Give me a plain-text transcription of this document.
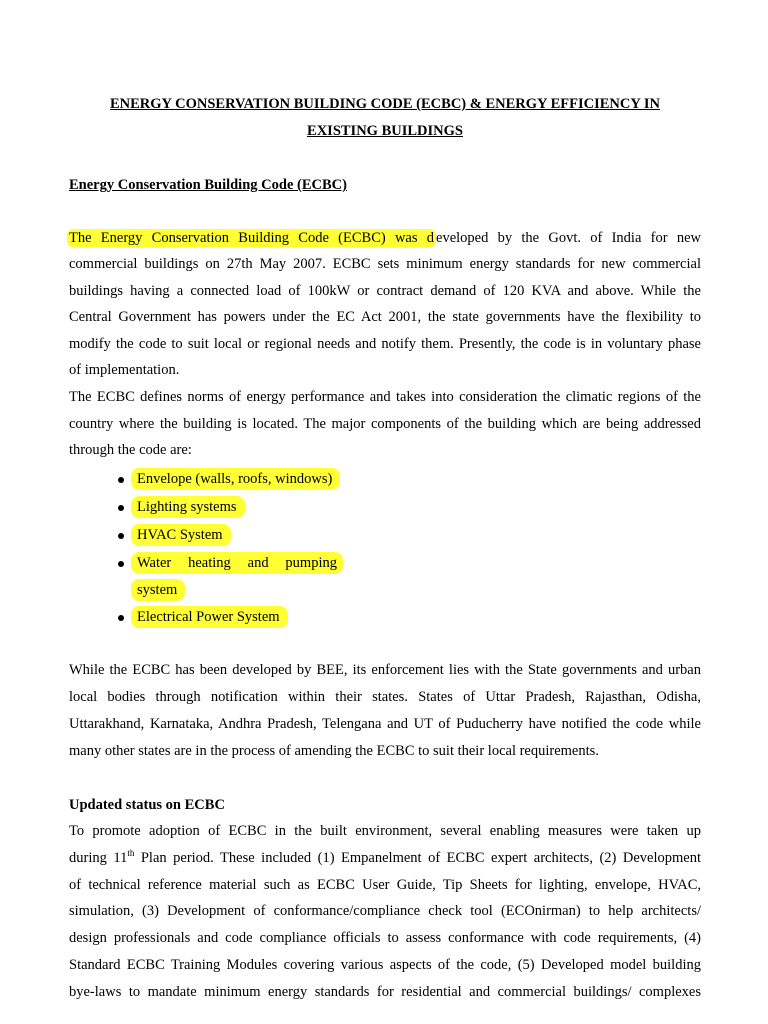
ENERGY CONSERVATION BUILDING CODE (ECBC) & ENERGY EFFICIENCY IN
EXISTING BUILDINGS
Energy Conservation Building Code (ECBC)
The Energy Conservation Building Code (ECBC) was d eveloped by the Govt. of India for new
commercial buildings on 27th May 2007. ECBC sets minimum energy standards for new commercial
buildings having a connected load of 100kW or contract demand of 120 KVA and above. While the
Central Government has powers under the EC Act 2001, the state governments have the flexibility to
modify the code to suit local or regional needs and notify them. Presently, the code is in voluntary phase
of implementation.
The ECBC defines norms of energy performance and takes into consideration the climatic regions of the
country where the building is located. The major components of the building which are being addressed
through the code are:
Envelope (walls, roofs, windows)
Lighting systems
HVAC System
Water heating and pumping
system
Electrical Power System
While the ECBC has been developed by BEE, its enforcement lies with the State governments and urban
local bodies through notification within their states. States of Uttar Pradesh, Rajasthan, Odisha,
Uttarakhand, Karnataka, Andhra Pradesh, Telengana and UT of Puducherry have notified the code while
many other states are in the process of amending the ECBC to suit their local requirements.
Updated status on ECBC
To promote adoption of ECBC in the built environment, several enabling measures were taken up
during 11th Plan period. These included (1) Empanelment of ECBC expert architects, (2) Development
of technical reference material such as ECBC User Guide, Tip Sheets for lighting, envelope, HVAC,
simulation, (3) Development of conformance/compliance check tool (ECOnirman) to help architects/
design professionals and code compliance officials to assess conformance with code requirements, (4)
Standard ECBC Training Modules covering various aspects of the code, (5) Developed model building
bye-laws to mandate minimum energy standards for residential and commercial buildings/ complexes
